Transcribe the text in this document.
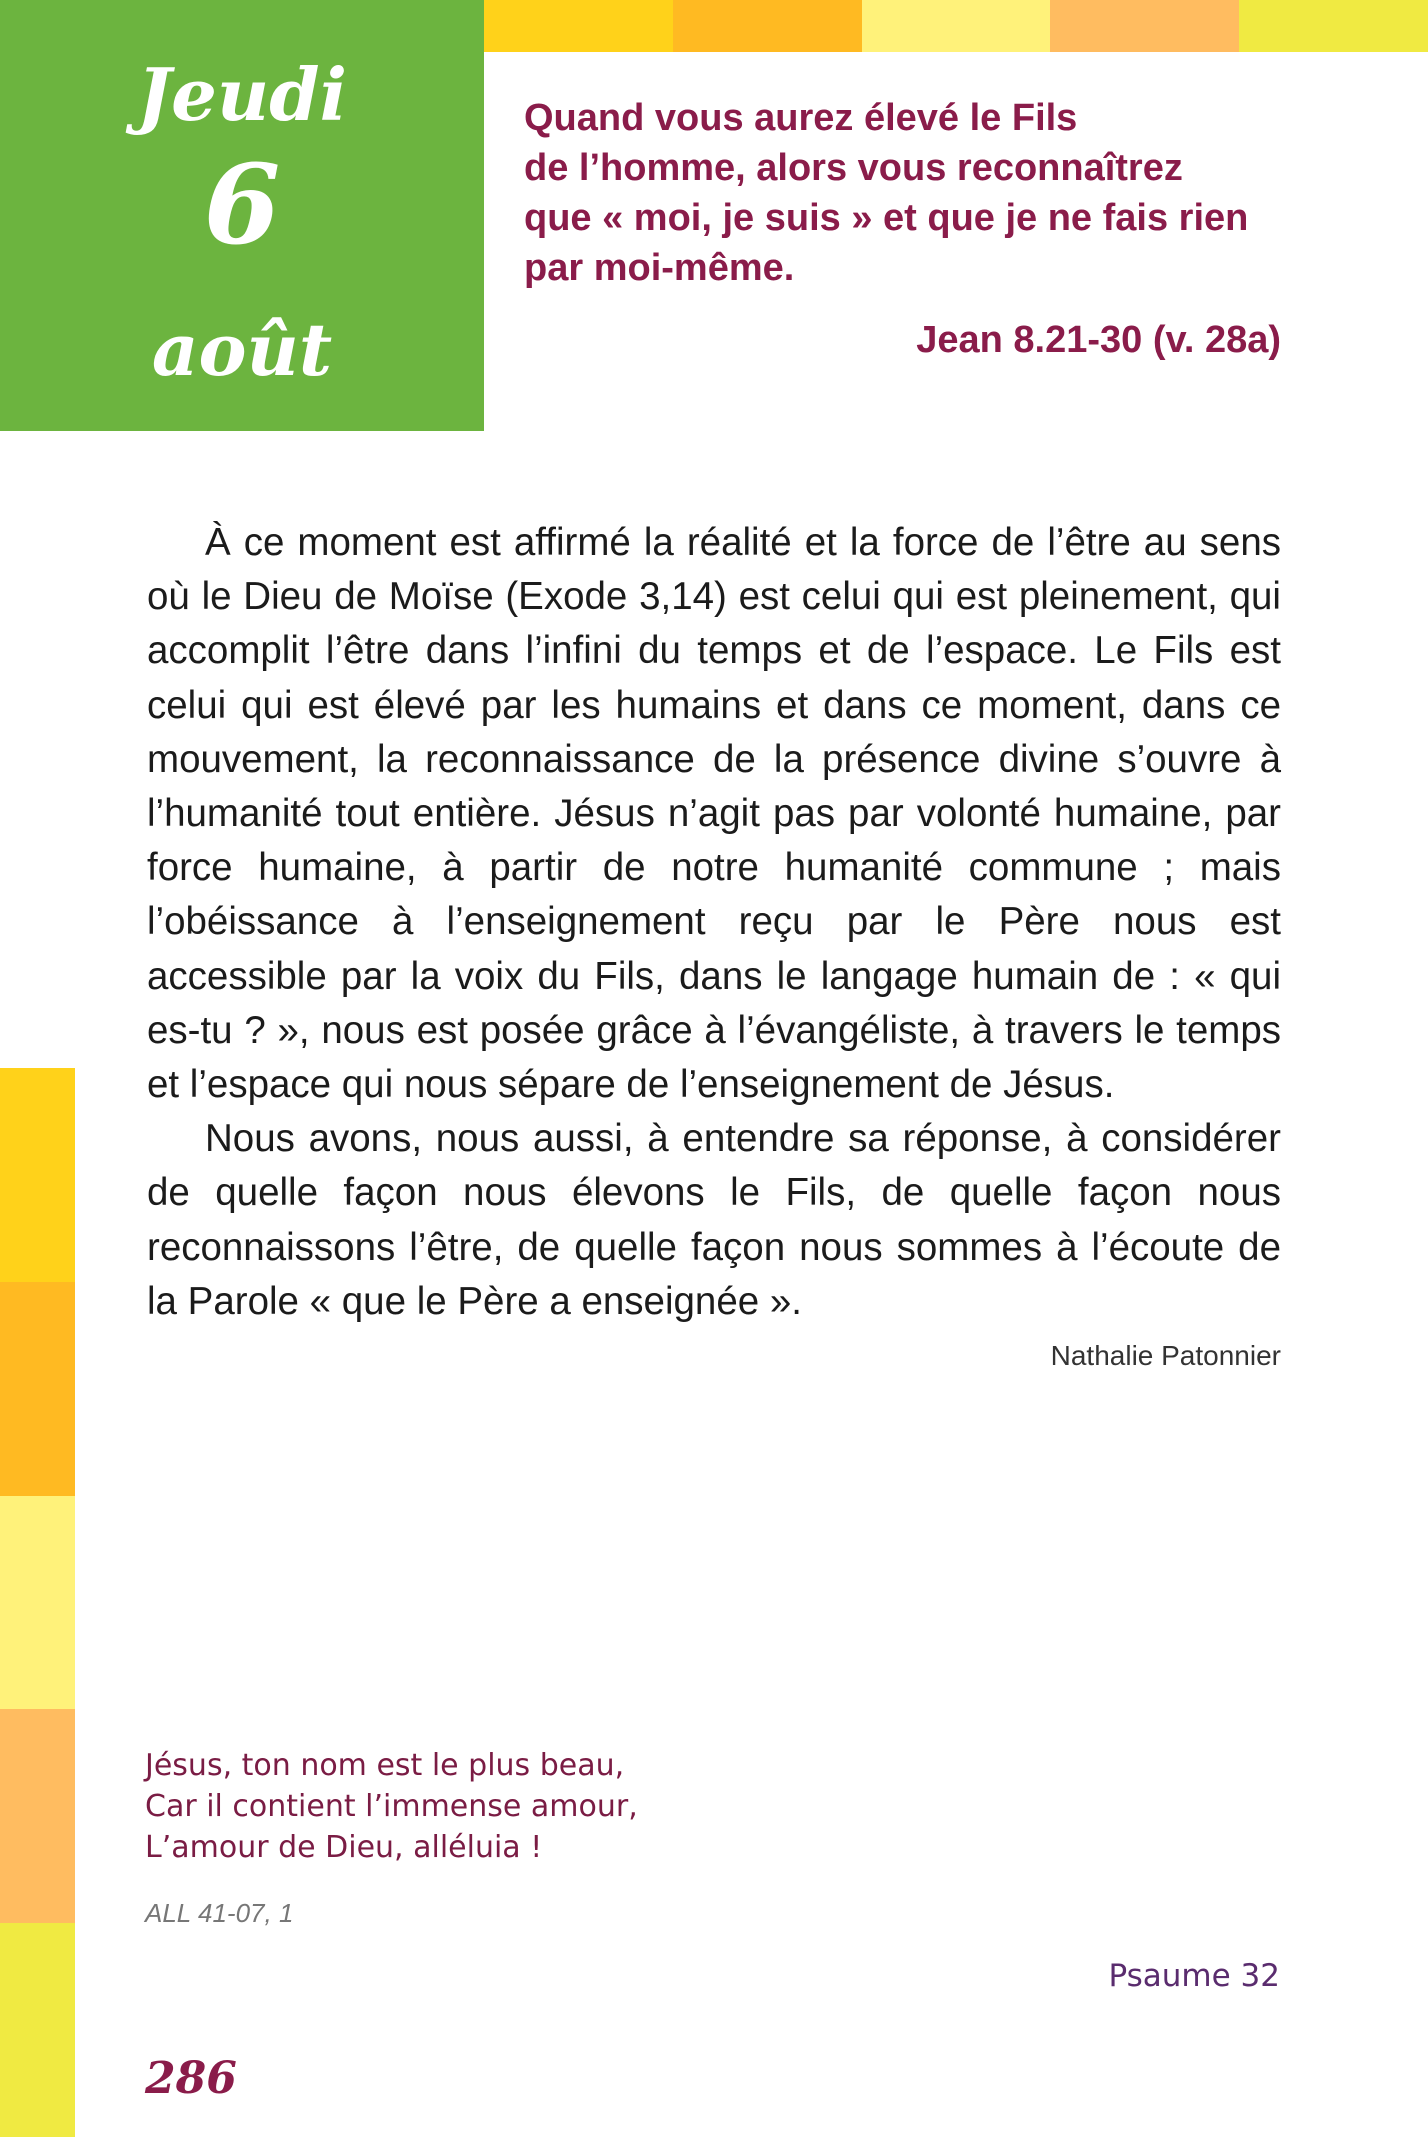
Jeudi
6
août

Quand vous aurez élevé le Fils

de l’homme, alors vous reconnaîtrez

que « moi, je suis » et que je ne fais rien

par moi-même.

Jean 8.21-30 (v. 28a)

À ce moment est affirmé la réalité et la force de l’être au sens où le Dieu de Moïse (Exode 3,14) est celui qui est pleinement, qui accomplit l’être dans l’infini du temps et de l’espace. Le Fils est celui qui est élevé par les humains et dans ce moment, dans ce mouvement, la reconnaissance de la présence divine s’ouvre à l’humanité tout entière. Jésus n’agit pas par volonté humaine, par force humaine, à partir de notre humanité commune ; mais l’obéissance à l’enseignement reçu par le Père nous est accessible par la voix du Fils, dans le langage humain de : « qui es-tu ? », nous est posée grâce à l’évangéliste, à travers le temps et l’espace qui nous sépare de l’enseignement de Jésus.

Nous avons, nous aussi, à entendre sa réponse, à considérer de quelle façon nous élevons le Fils, de quelle façon nous reconnaissons l’être, de quelle façon nous sommes à l’écoute de la Parole « que le Père a enseignée ».

Nathalie Patonnier
Jésus, ton nom est le plus beau,
Car il contient l’immense amour,
L’amour de Dieu, alléluia !
ALL 41-07, 1
Psaume 32
286
